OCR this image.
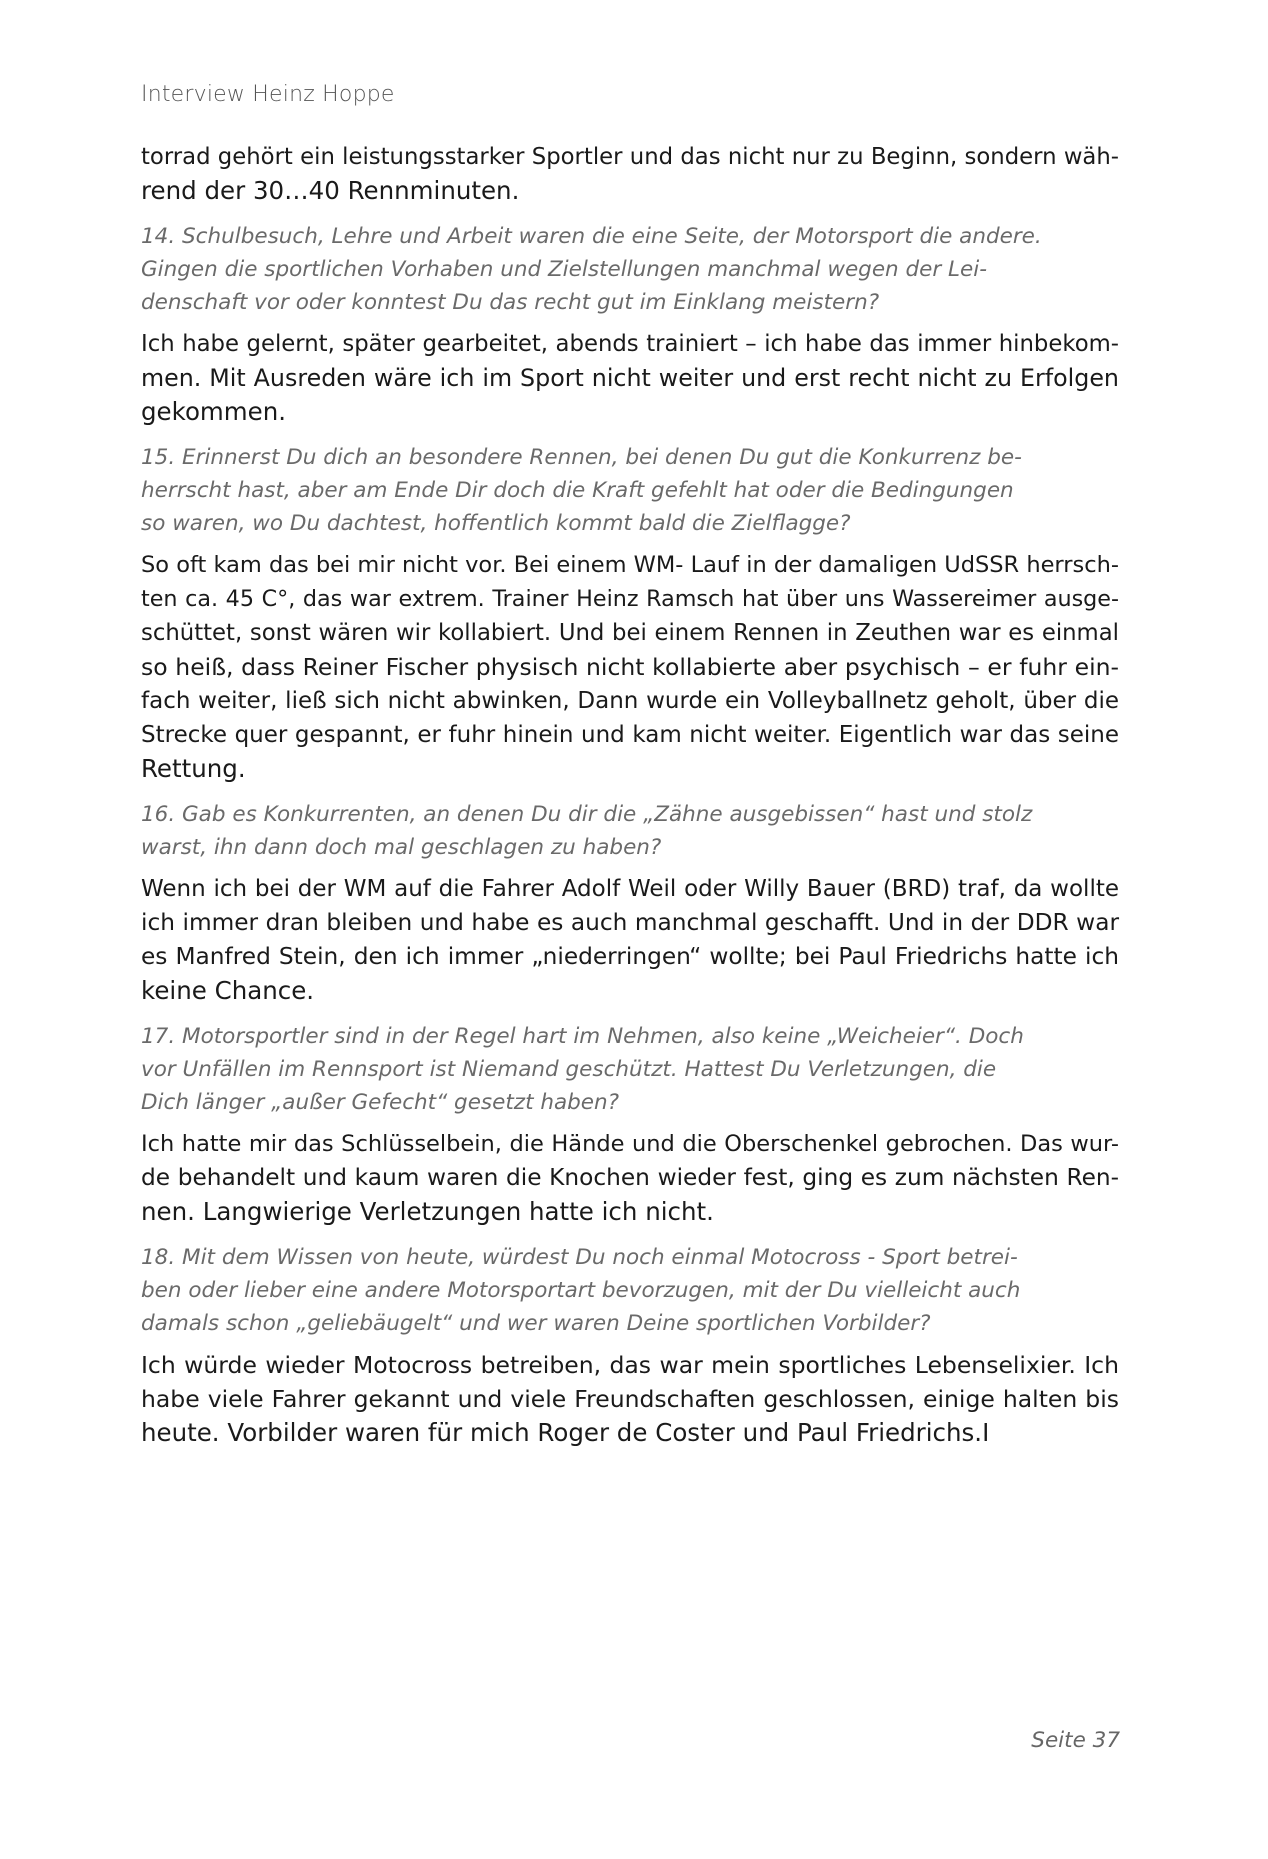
Interview Heinz Hoppe
torrad gehört ein leistungsstarker Sportler und das nicht nur zu Beginn, sondern wäh-
rend der 30…40 Rennminuten.
14. Schulbesuch, Lehre und Arbeit waren die eine Seite, der Motorsport die andere.
Gingen die sportlichen Vorhaben und Zielstellungen manchmal wegen der Lei-
denschaft vor oder konntest Du das recht gut im Einklang meistern?
Ich habe gelernt, später gearbeitet, abends trainiert – ich habe das immer hinbekom-
men. Mit Ausreden wäre ich im Sport nicht weiter und erst recht nicht zu Erfolgen
gekommen.
15. Erinnerst Du dich an besondere Rennen, bei denen Du gut die Konkurrenz be-
herrscht hast, aber am Ende Dir doch die Kraft gefehlt hat oder die Bedingungen
so waren, wo Du dachtest, hoffentlich kommt bald die Zielflagge?
So oft kam das bei mir nicht vor. Bei einem WM- Lauf in der damaligen UdSSR herrsch-
ten ca. 45 C°, das war extrem. Trainer Heinz Ramsch hat über uns Wassereimer ausge-
schüttet, sonst wären wir kollabiert. Und bei einem Rennen in Zeuthen war es einmal
so heiß, dass Reiner Fischer physisch nicht kollabierte aber psychisch – er fuhr ein-
fach weiter, ließ sich nicht abwinken, Dann wurde ein Volleyballnetz geholt, über die
Strecke quer gespannt, er fuhr hinein und kam nicht weiter. Eigentlich war das seine
Rettung.
16. Gab es Konkurrenten, an denen Du dir die „Zähne ausgebissen“ hast und stolz
warst, ihn dann doch mal geschlagen zu haben?
Wenn ich bei der WM auf die Fahrer Adolf Weil oder Willy Bauer (BRD) traf, da wollte
ich immer dran bleiben und habe es auch manchmal geschafft. Und in der DDR war
es Manfred Stein, den ich immer „niederringen“ wollte; bei Paul Friedrichs hatte ich
keine Chance.
17. Motorsportler sind in der Regel hart im Nehmen, also keine „Weicheier“. Doch
vor Unfällen im Rennsport ist Niemand geschützt. Hattest Du Verletzungen, die
Dich länger „außer Gefecht“ gesetzt haben?
Ich hatte mir das Schlüsselbein, die Hände und die Oberschenkel gebrochen. Das wur-
de behandelt und kaum waren die Knochen wieder fest, ging es zum nächsten Ren-
nen. Langwierige Verletzungen hatte ich nicht.
18. Mit dem Wissen von heute, würdest Du noch einmal Motocross - Sport betrei-
ben oder lieber eine andere Motorsportart bevorzugen, mit der Du vielleicht auch
damals schon „geliebäugelt“ und wer waren Deine sportlichen Vorbilder?
Ich würde wieder Motocross betreiben, das war mein sportliches Lebenselixier. Ich
habe viele Fahrer gekannt und viele Freundschaften geschlossen, einige halten bis
heute. Vorbilder waren für mich Roger de Coster und Paul Friedrichs.I
Seite 37
